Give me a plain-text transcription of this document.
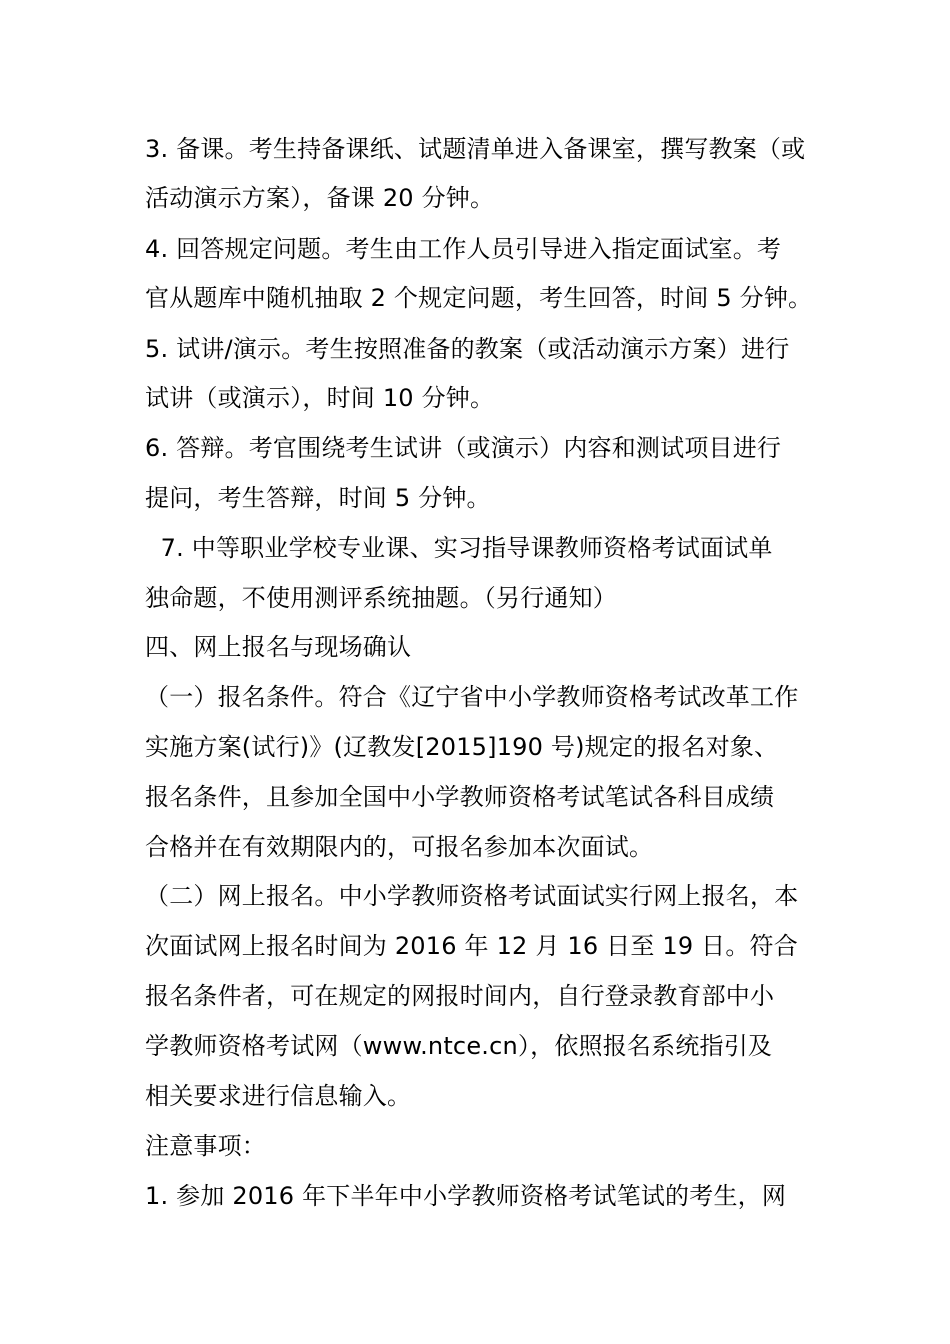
3. 备课。考生持备课纸、试题清单进入备课室，撰写教案（或
活动演示方案），备课 20 分钟。
4. 回答规定问题。考生由工作人员引导进入指定面试室。考
官从题库中随机抽取 2 个规定问题，考生回答，时间 5 分钟。
5. 试讲/演示。考生按照准备的教案（或活动演示方案）进行
试讲（或演示），时间 10 分钟。
6. 答辩。考官围绕考生试讲（或演示）内容和测试项目进行
提问，考生答辩，时间 5 分钟。
7. 中等职业学校专业课、实习指导课教师资格考试面试单
独命题，不使用测评系统抽题。（另行通知）
四、网上报名与现场确认
（一）报名条件。符合《辽宁省中小学教师资格考试改革工作
实施方案(试行)》(辽教发[2015]190 号)规定的报名对象、
报名条件，且参加全国中小学教师资格考试笔试各科目成绩
合格并在有效期限内的，可报名参加本次面试。
（二）网上报名。中小学教师资格考试面试实行网上报名，本
次面试网上报名时间为 2016 年 12 月 16 日至 19 日。符合
报名条件者，可在规定的网报时间内，自行登录教育部中小
学教师资格考试网（www.ntce.cn），依照报名系统指引及
相关要求进行信息输入。
注意事项：
1. 参加 2016 年下半年中小学教师资格考试笔试的考生，网
